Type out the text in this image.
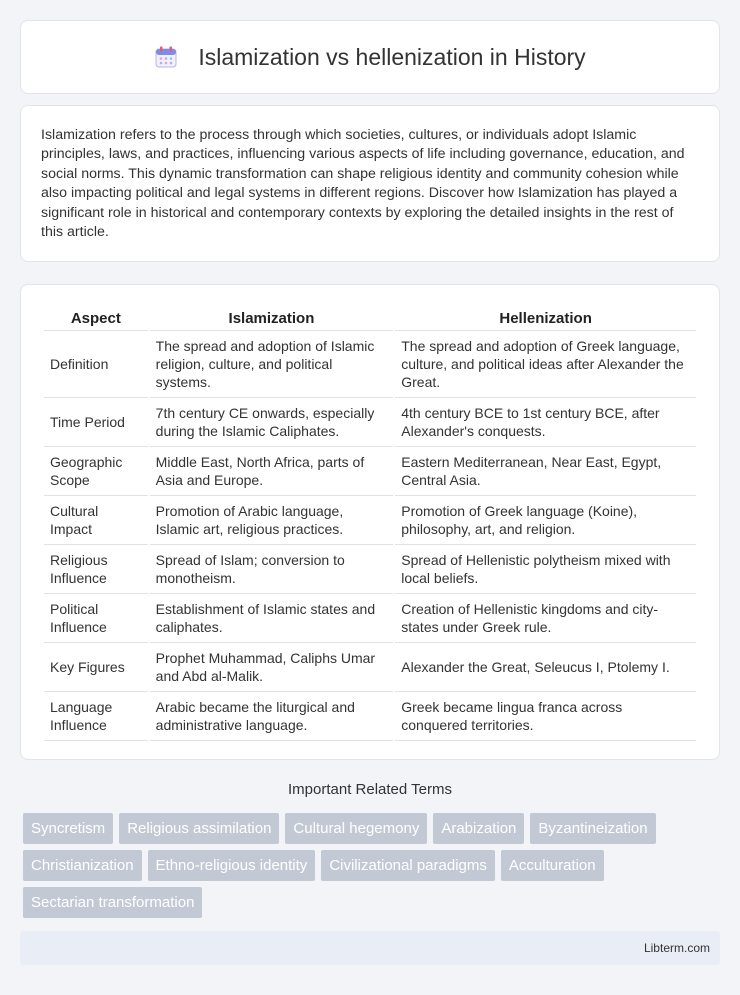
Islamization vs hellenization in History

Islamization refers to the process through which societies, cultures, or individuals adopt Islamic principles, laws, and practices, influencing various aspects of life including governance, education, and social norms. This dynamic transformation can shape religious identity and community cohesion while also impacting political and legal systems in different regions. Discover how Islamization has played a significant role in historical and contemporary contexts by exploring the detailed insights in the rest of this article.

Aspect	Islamization	Hellenization
Definition	The spread and adoption of Islamic religion, culture, and political systems.	The spread and adoption of Greek language, culture, and political ideas after Alexander the Great.
Time Period	7th century CE onwards, especially during the Islamic Caliphates.	4th century BCE to 1st century BCE, after Alexander's conquests.
Geographic Scope	Middle East, North Africa, parts of Asia and Europe.	Eastern Mediterranean, Near East, Egypt, Central Asia.
Cultural Impact	Promotion of Arabic language, Islamic art, religious practices.	Promotion of Greek language (Koine), philosophy, art, and religion.
Religious Influence	Spread of Islam; conversion to monotheism.	Spread of Hellenistic polytheism mixed with local beliefs.
Political Influence	Establishment of Islamic states and caliphates.	Creation of Hellenistic kingdoms and city-states under Greek rule.
Key Figures	Prophet Muhammad, Caliphs Umar and Abd al-Malik.	Alexander the Great, Seleucus I, Ptolemy I.
Language Influence	Arabic became the liturgical and administrative language.	Greek became lingua franca across conquered territories.
Important Related Terms
Syncretism	Religious assimilation	Cultural hegemony	Arabization	Byzantineization
Christianization	Ethno-religious identity	Civilizational paradigms	Acculturation
Sectarian transformation
Libterm.com
